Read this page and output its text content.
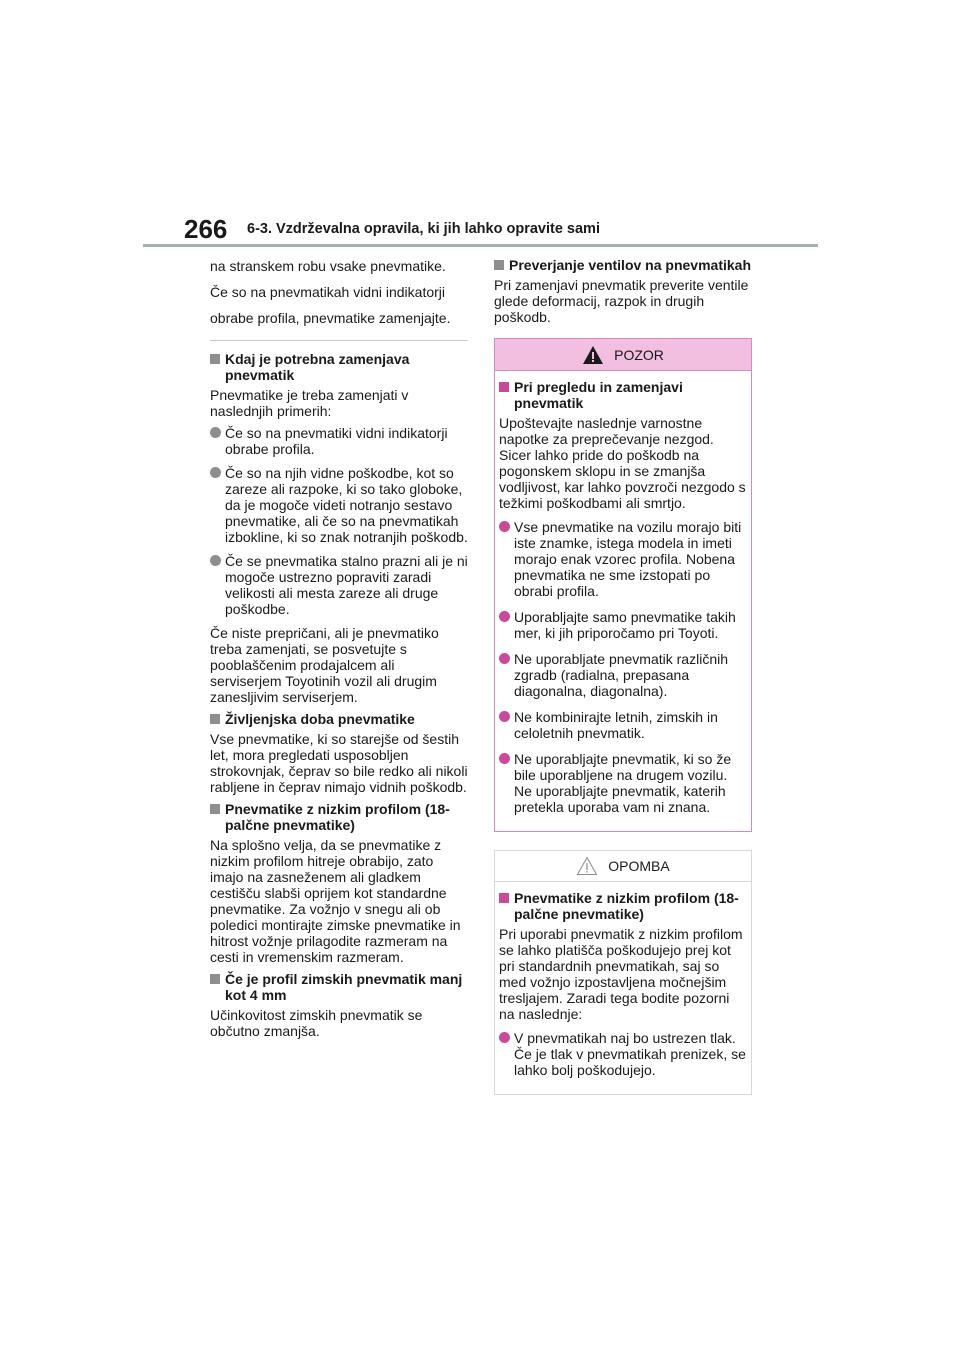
266 6-3. Vzdrževalna opravila, ki jih lahko opravite sami

na stranskem robu vsake pnevmatike.

Če so na pnevmatikah vidni indikatorji

obrabe profila, pnevmatike zamenjajte.

Kdaj je potrebna zamenjava pnevmatik

Pnevmatike je treba zamenjati v naslednjih primerih:

Če so na pnevmatiki vidni indikatorji obrabe profila.
Če so na njih vidne poškodbe, kot so zareze ali razpoke, ki so tako globoke, da je mogoče videti notranjo sestavo pnevmatike, ali če so na pnevmatikah izbokline, ki so znak notranjih poškodb.
Če se pnevmatika stalno prazni ali je ni mogoče ustrezno popraviti zaradi velikosti ali mesta zareze ali druge poškodbe.

Če niste prepričani, ali je pnevmatiko treba zamenjati, se posvetujte s pooblaščenim prodajalcem ali serviserjem Toyotinih vozil ali drugim zanesljivim serviserjem.

Življenjska doba pnevmatike

Vse pnevmatike, ki so starejše od šestih let, mora pregledati usposobljen strokovnjak, čeprav so bile redko ali nikoli rabljene in čeprav nimajo vidnih poškodb.

Pnevmatike z nizkim profilom (18-palčne pnevmatike)

Na splošno velja, da se pnevmatike z nizkim profilom hitreje obrabijo, zato imajo na zasneženem ali gladkem cestišču slabši oprijem kot standardne pnevmatike. Za vožnjo v snegu ali ob poledici montirajte zimske pnevmatike in hitrost vožnje prilagodite razmeram na cesti in vremenskim razmeram.

Če je profil zimskih pnevmatik manj kot 4 mm

Učinkovitost zimskih pnevmatik se občutno zmanjša.

Preverjanje ventilov na pnevmatikah

Pri zamenjavi pnevmatik preverite ventile glede deformacij, razpok in drugih poškodb.

POZOR
Pri pregledu in zamenjavi pnevmatik

Upoštevajte naslednje varnostne napotke za preprečevanje nezgod. Sicer lahko pride do poškodb na pogonskem sklopu in se zmanjša vodljivost, kar lahko povzroči nezgodo s težkimi poškodbami ali smrtjo.

Vse pnevmatike na vozilu morajo biti iste znamke, istega modela in imeti morajo enak vzorec profila. Nobena pnevmatika ne sme izstopati po obrabi profila.
Uporabljajte samo pnevmatike takih mer, ki jih priporočamo pri Toyoti.
Ne uporabljate pnevmatik različnih zgradb (radialna, prepasana diagonalna, diagonalna).
Ne kombinirajte letnih, zimskih in celoletnih pnevmatik.
Ne uporabljajte pnevmatik, ki so že bile uporabljene na drugem vozilu. Ne uporabljajte pnevmatik, katerih pretekla uporaba vam ni znana.
OPOMBA
Pnevmatike z nizkim profilom (18-palčne pnevmatike)

Pri uporabi pnevmatik z nizkim profilom se lahko platišča poškodujejo prej kot pri standardnih pnevmatikah, saj so med vožnjo izpostavljena močnejšim tresljajem. Zaradi tega bodite pozorni na naslednje:

V pnevmatikah naj bo ustrezen tlak. Če je tlak v pnevmatikah prenizek, se lahko bolj poškodujejo.
